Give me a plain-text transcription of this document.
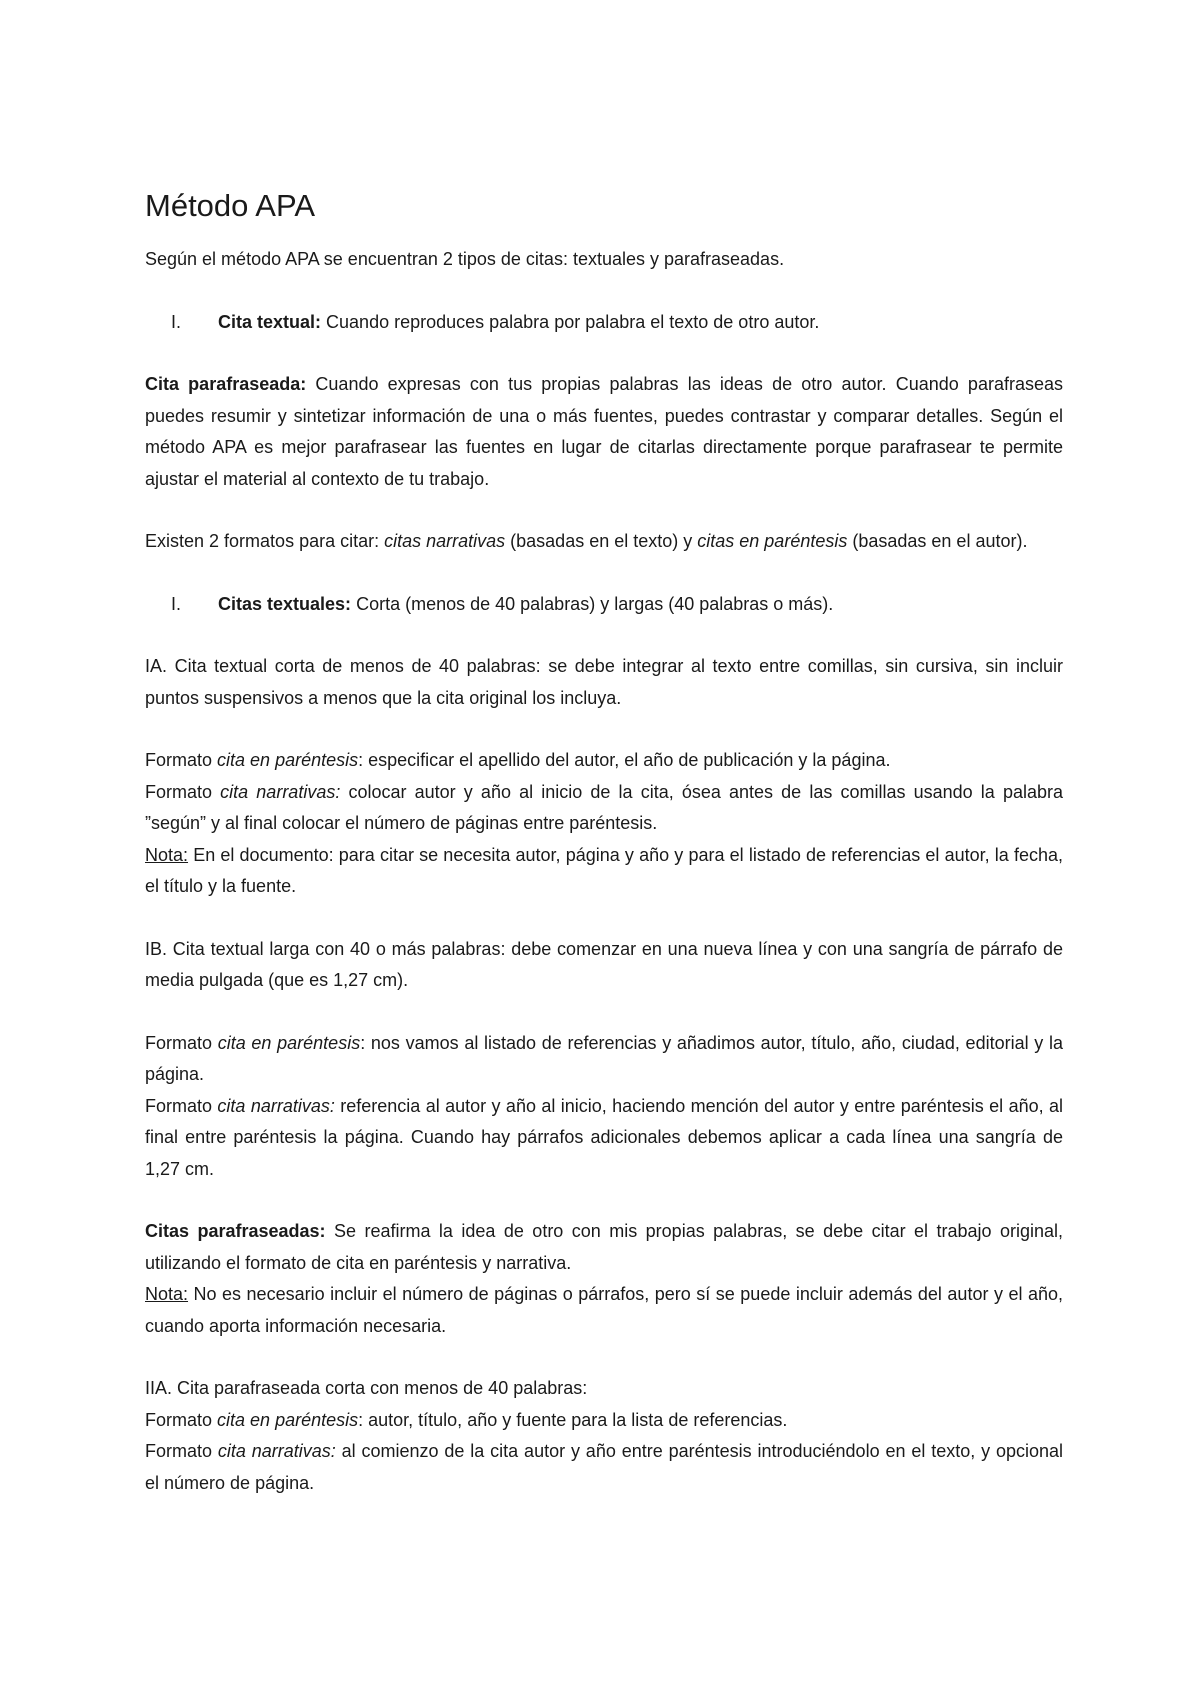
Método APA

Según el método APA se encuentran 2 tipos de citas: textuales y parafraseadas.

I.	Cita textual: Cuando reproduces palabra por palabra el texto de otro autor.

Cita parafraseada: Cuando expresas con tus propias palabras las ideas de otro autor. Cuando parafraseas puedes resumir y sintetizar información de una o más fuentes, puedes contrastar y comparar detalles. Según el método APA es mejor parafrasear las fuentes en lugar de citarlas directamente porque parafrasear te permite ajustar el material al contexto de tu trabajo.

Existen 2 formatos para citar: citas narrativas (basadas en el texto) y citas en paréntesis (basadas en el autor).

I.	Citas textuales: Corta (menos de 40 palabras) y largas (40 palabras o más).

IA. Cita textual corta de menos de 40 palabras: se debe integrar al texto entre comillas, sin cursiva, sin incluir puntos suspensivos a menos que la cita original los incluya.

Formato cita en paréntesis: especificar el apellido del autor, el año de publicación y la página.

Formato cita narrativas: colocar autor y año al inicio de la cita, ósea antes de las comillas usando la palabra ”según” y al final colocar el número de páginas entre paréntesis.

Nota: En el documento: para citar se necesita autor, página y año y para el listado de referencias el autor, la fecha, el título y la fuente.

IB. Cita textual larga con 40 o más palabras: debe comenzar en una nueva línea y con una sangría de párrafo de media pulgada (que es 1,27 cm).

Formato cita en paréntesis: nos vamos al listado de referencias y añadimos autor, título, año, ciudad, editorial y la página.

Formato cita narrativas: referencia al autor y año al inicio, haciendo mención del autor y entre paréntesis el año, al final entre paréntesis la página. Cuando hay párrafos adicionales debemos aplicar a cada línea una sangría de 1,27 cm.

Citas parafraseadas: Se reafirma la idea de otro con mis propias palabras, se debe citar el trabajo original, utilizando el formato de cita en paréntesis y narrativa.

Nota: No es necesario incluir el número de páginas o párrafos, pero sí se puede incluir además del autor y el año, cuando aporta información necesaria.

IIA. Cita parafraseada corta con menos de 40 palabras:

Formato cita en paréntesis: autor, título, año y fuente para la lista de referencias.

Formato cita narrativas: al comienzo de la cita autor y año entre paréntesis introduciéndolo en el texto, y opcional el número de página.
